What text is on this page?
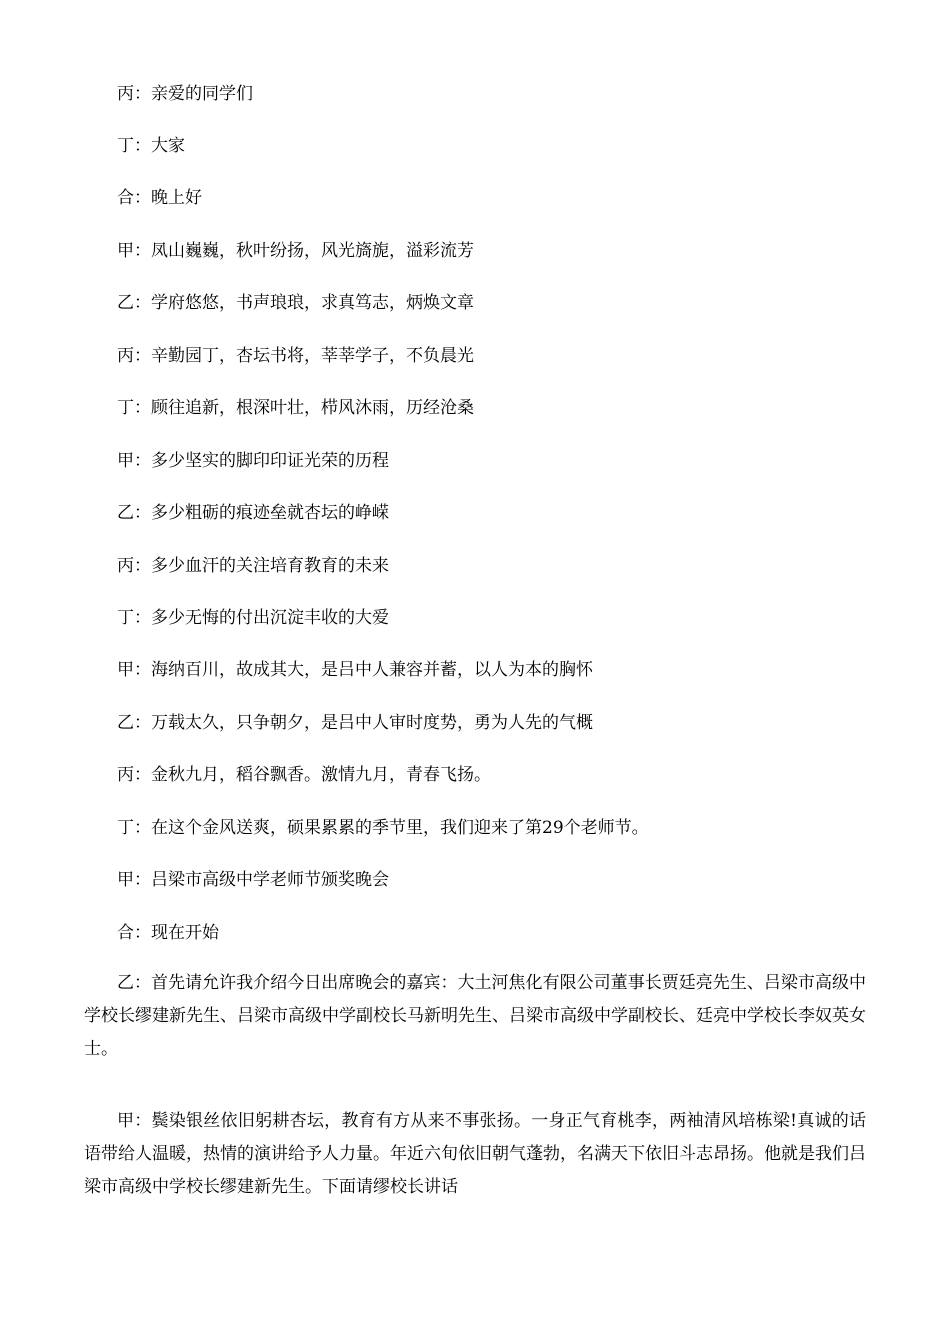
丙：亲爱的同学们
丁：大家
合：晚上好
甲：凤山巍巍，秋叶纷扬，风光旖旎，溢彩流芳
乙：学府悠悠，书声琅琅，求真笃志，炳焕文章
丙：辛勤园丁，杏坛书将，莘莘学子，不负晨光
丁：顾往追新，根深叶壮，栉风沐雨，历经沧桑
甲：多少坚实的脚印印证光荣的历程
乙：多少粗砺的痕迹垒就杏坛的峥嵘
丙：多少血汗的关注培育教育的未来
丁：多少无悔的付出沉淀丰收的大爱
甲：海纳百川，故成其大，是吕中人兼容并蓄，以人为本的胸怀
乙：万载太久，只争朝夕，是吕中人审时度势，勇为人先的气概
丙：金秋九月，稻谷飘香。激情九月，青春飞扬。
丁：在这个金风送爽，硕果累累的季节里，我们迎来了第29个老师节。
甲：吕梁市高级中学老师节颁奖晚会
合：现在开始

乙：首先请允许我介绍今日出席晚会的嘉宾：大土河焦化有限公司董事长贾廷亮先生、吕梁市高级中学校长缪建新先生、吕梁市高级中学副校长马新明先生、吕梁市高级中学副校长、廷亮中学校长李奴英女士。

甲：鬓染银丝依旧躬耕杏坛，教育有方从来不事张扬。一身正气育桃李，两袖清风培栋梁!真诚的话语带给人温暖，热情的演讲给予人力量。年近六旬依旧朝气蓬勃，名满天下依旧斗志昂扬。他就是我们吕梁市高级中学校长缪建新先生。下面请缪校长讲话
